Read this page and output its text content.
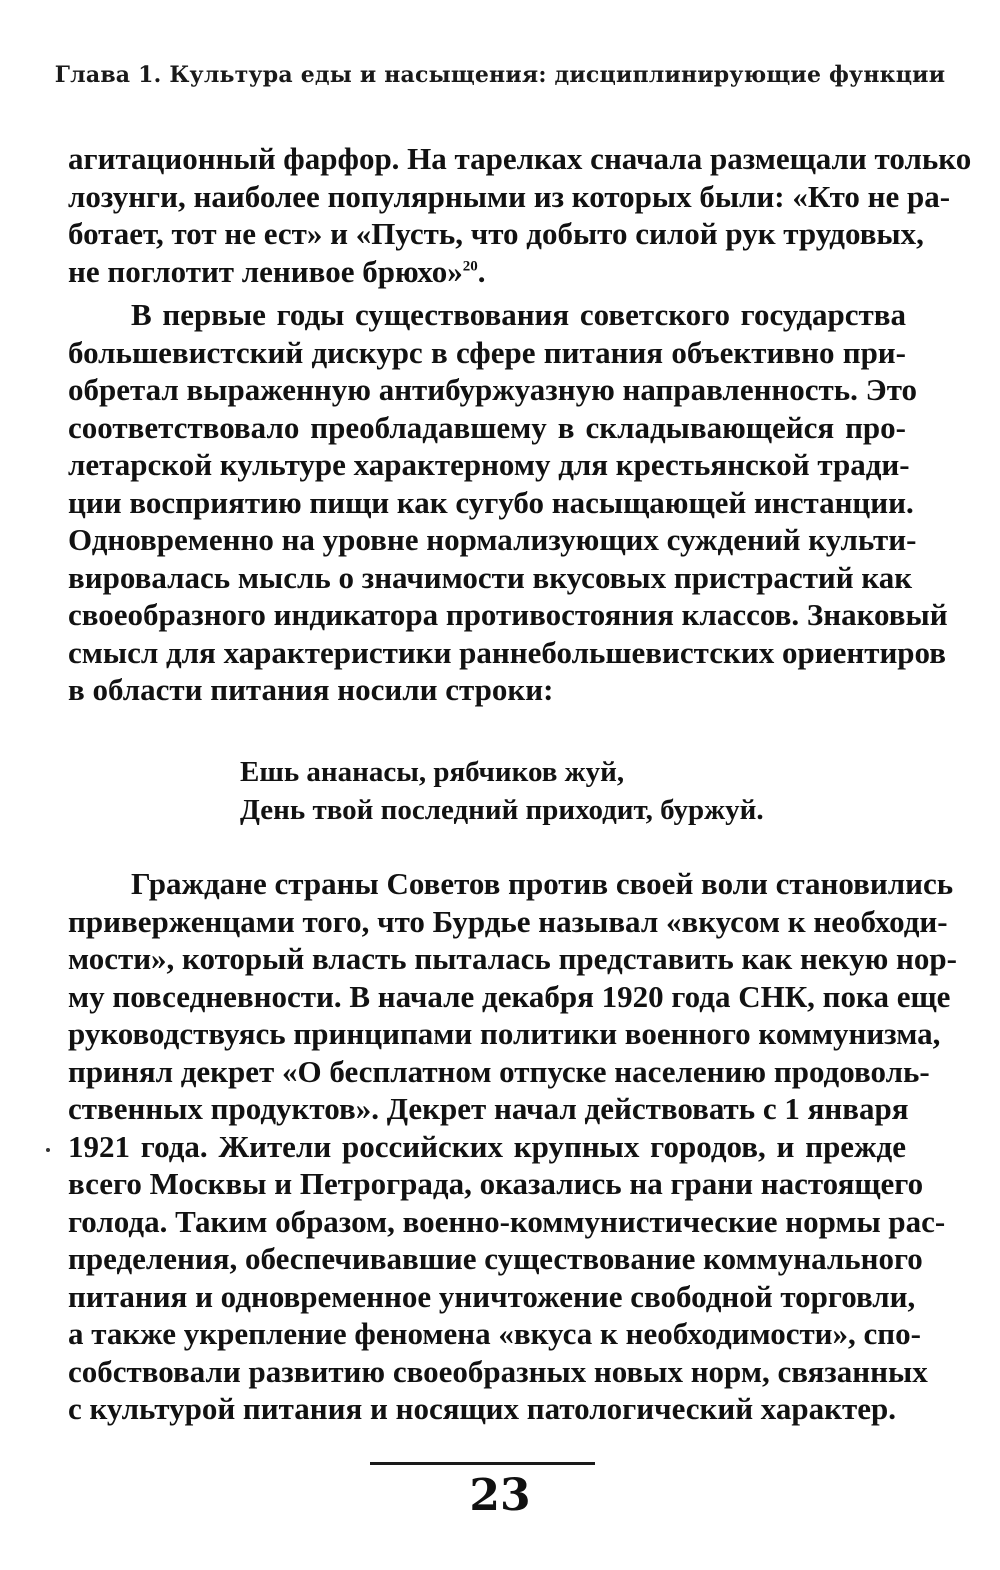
Глава 1. Культура еды и насыщения: дисциплинирующие функции
агитационный фарфор. На тарелках сначала размещали только
лозунги, наиболее популярными из которых были: «Кто не ра-
ботает, тот не ест» и «Пусть, что добыто силой рук трудовых,
не поглотит ленивое брюхо»$^{20}$.
В первые годы существования советского государства
большевистский дискурс в сфере питания объективно при-
обретал выраженную антибуржуазную направленность. Это
соответствовало преобладавшему в складывающейся про-
летарской культуре характерному для крестьянской тради-
ции восприятию пищи как сугубо насыщающей инстанции.
Одновременно на уровне нормализующих суждений культи-
вировалась мысль о значимости вкусовых пристрастий как
своеобразного индикатора противостояния классов. Знаковый
смысл для характеристики раннебольшевистских ориентиров
в области питания носили строки:
Ешь ананасы, рябчиков жуй,
День твой последний приходит, буржуй.
Граждане страны Советов против своей воли становились
приверженцами того, что Бурдье называл «вкусом к необходи-
мости», который власть пыталась представить как некую нор-
му повседневности. В начале декабря 1920 года СНК, пока еще
руководствуясь принципами политики военного коммунизма,
принял декрет «О бесплатном отпуске населению продоволь-
ственных продуктов». Декрет начал действовать с 1 января
1921 года. Жители российских крупных городов, и прежде
всего Москвы и Петрограда, оказались на грани настоящего
голода. Таким образом, военно-коммунистические нормы рас-
пределения, обеспечивавшие существование коммунального
питания и одновременное уничтожение свободной торговли,
а также укрепление феномена «вкуса к необходимости», спо-
собствовали развитию своеобразных новых норм, связанных
с культурой питания и носящих патологический характер.
23
